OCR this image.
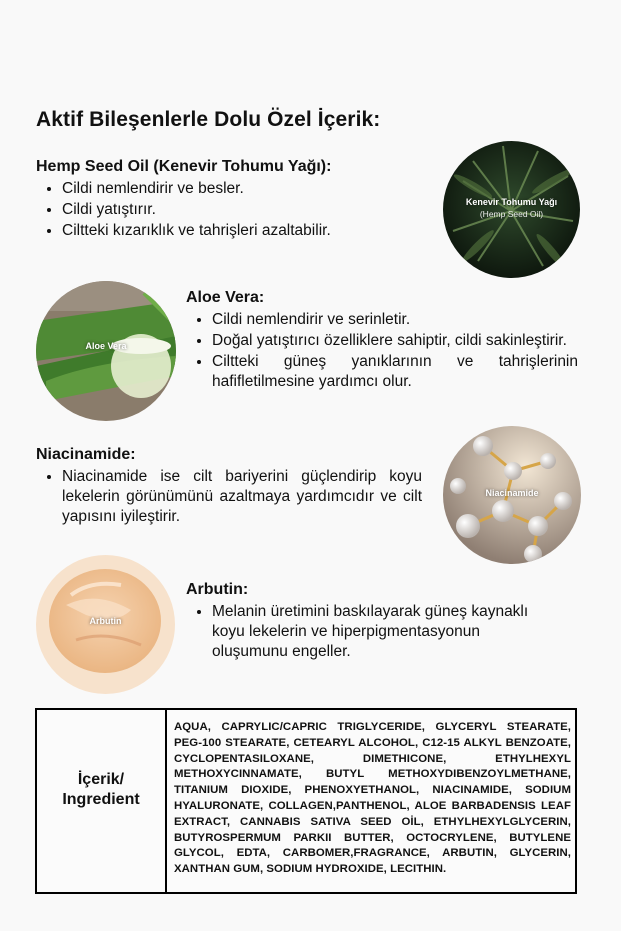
Aktif Bileşenlerle Dolu Özel İçerik:
Hemp Seed Oil (Kenevir Tohumu Yağı):
• Cildi nemlendirir ve besler.
• Cildi yatıştırır.
• Ciltteki kızarıklık ve tahrişleri azaltabilir.
Kenevir Tohumu Yağı
(Hemp Seed Oil)
Aloe Vera
Aloe Vera:
• Cildi nemlendirir ve serinletir.
• Doğal yatıştırıcı özelliklere sahiptir, cildi sakinleştirir.
• Ciltteki güneş yanıklarının ve tahrişlerinin hafifletilmesine yardımcı olur.
Niacinamide:
• Niacinamide ise cilt bariyerini güçlendirip koyu lekelerin görünümünü azaltmaya yardımcıdır ve cilt yapısını iyileştirir.
Niacinamide
Arbutin
Arbutin:
• Melanin üretimini baskılayarak güneş kaynaklı koyu lekelerin ve hiperpigmentasyonun oluşumunu engeller.
İçerik/
Ingredient
AQUA, CAPRYLIC/CAPRIC TRIGLYCERIDE, GLYCERYL STEARATE, PEG-100 STEARATE, CETEARYL ALCOHOL, C12-15 ALKYL BENZOATE, CYCLOPENTASILOXANE, DIMETHICONE, ETHYLHEXYL METHOXYCINNAMATE, BUTYL METHOXYDIBENZOYLMETHANE, TITANIUM DIOXIDE, PHENOXYETHANOL, NIACINAMIDE, SODIUM HYALURONATE, COLLAGEN,PANTHENOL, ALOE BARBADENSIS LEAF EXTRACT, CANNABIS SATIVA SEED OİL, ETHYLHEXYLGLYCERIN, BUTYROSPERMUM PARKII BUTTER, OCTOCRYLENE, BUTYLENE GLYCOL, EDTA, CARBOMER,FRAGRANCE, ARBUTIN, GLYCERIN, XANTHAN GUM, SODIUM HYDROXIDE, LECITHIN.
